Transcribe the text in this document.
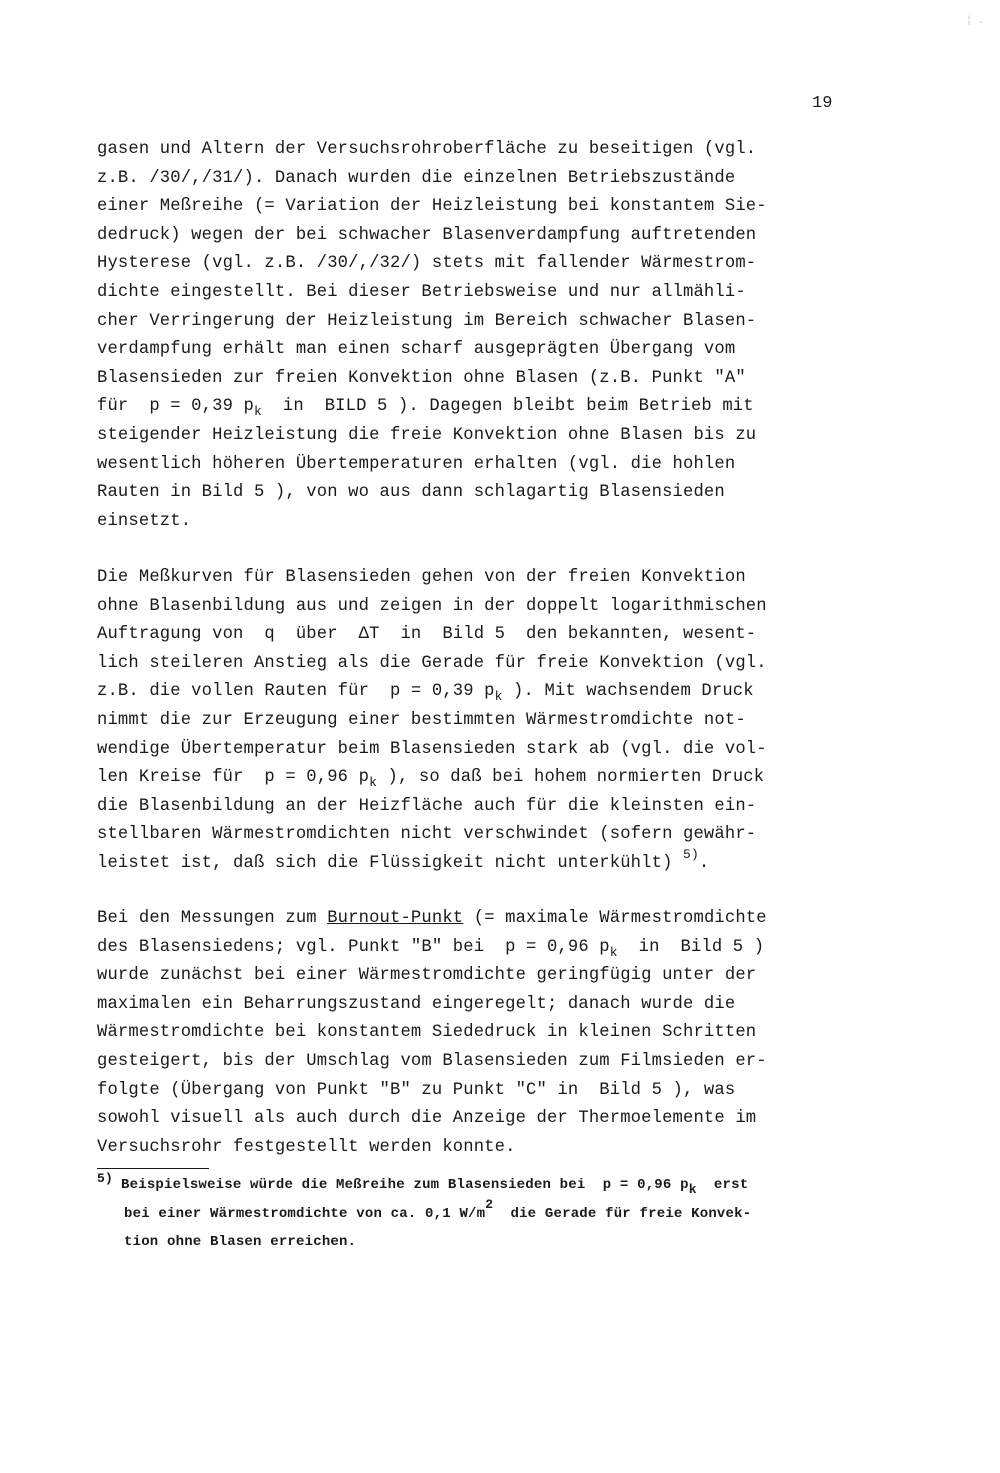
¦ .
19
gasen und Altern der Versuchsrohroberfläche zu beseitigen (vgl.
z.B. /30/,/31/). Danach wurden die einzelnen Betriebszustände
einer Meßreihe (= Variation der Heizleistung bei konstantem Sie-
dedruck) wegen der bei schwacher Blasenverdampfung auftretenden
Hysterese (vgl. z.B. /30/,/32/) stets mit fallender Wärmestrom-
dichte eingestellt. Bei dieser Betriebsweise und nur allmähli-
cher Verringerung der Heizleistung im Bereich schwacher Blasen-
verdampfung erhält man einen scharf ausgeprägten Übergang vom
Blasensieden zur freien Konvektion ohne Blasen (z.B. Punkt "A"
für  p = 0,39 $p_k$  in  BILD 5 ). Dagegen bleibt beim Betrieb mit
steigender Heizleistung die freie Konvektion ohne Blasen bis zu
wesentlich höheren Übertemperaturen erhalten (vgl. die hohlen
Rauten in Bild 5 ), von wo aus dann schlagartig Blasensieden
einsetzt.
Die Meßkurven für Blasensieden gehen von der freien Konvektion
ohne Blasenbildung aus und zeigen in der doppelt logarithmischen
Auftragung von  q  über  ΔT  in  Bild 5  den bekannten, wesent-
lich steileren Anstieg als die Gerade für freie Konvektion (vgl.
z.B. die vollen Rauten für  p = 0,39 $p_k$ ). Mit wachsendem Druck
nimmt die zur Erzeugung einer bestimmten Wärmestromdichte not-
wendige Übertemperatur beim Blasensieden stark ab (vgl. die vol-
len Kreise für  p = 0,96 $p_k$ ), so daß bei hohem normierten Druck
die Blasenbildung an der Heizfläche auch für die kleinsten ein-
stellbaren Wärmestromdichten nicht verschwindet (sofern gewähr-
leistet ist, daß sich die Flüssigkeit nicht unterkühlt) $^{5)}$.
Bei den Messungen zum Burnout-Punkt (= maximale Wärmestromdichte
des Blasensiedens; vgl. Punkt "B" bei  p = 0,96 $p_k$  in  Bild 5 )
wurde zunächst bei einer Wärmestromdichte geringfügig unter der
maximalen ein Beharrungszustand eingeregelt; danach wurde die
Wärmestromdichte bei konstantem Siededruck in kleinen Schritten
gesteigert, bis der Umschlag vom Blasensieden zum Filmsieden er-
folgte (Übergang von Punkt "B" zu Punkt "C" in  Bild 5 ), was
sowohl visuell als auch durch die Anzeige der Thermoelemente im
Versuchsrohr festgestellt werden konnte.
5) Beispielsweise würde die Meßreihe zum Blasensieden bei  p = 0,96 pk  erst
bei einer Wärmestromdichte von ca. 0,1 W/m2  die Gerade für freie Konvek-
tion ohne Blasen erreichen.
